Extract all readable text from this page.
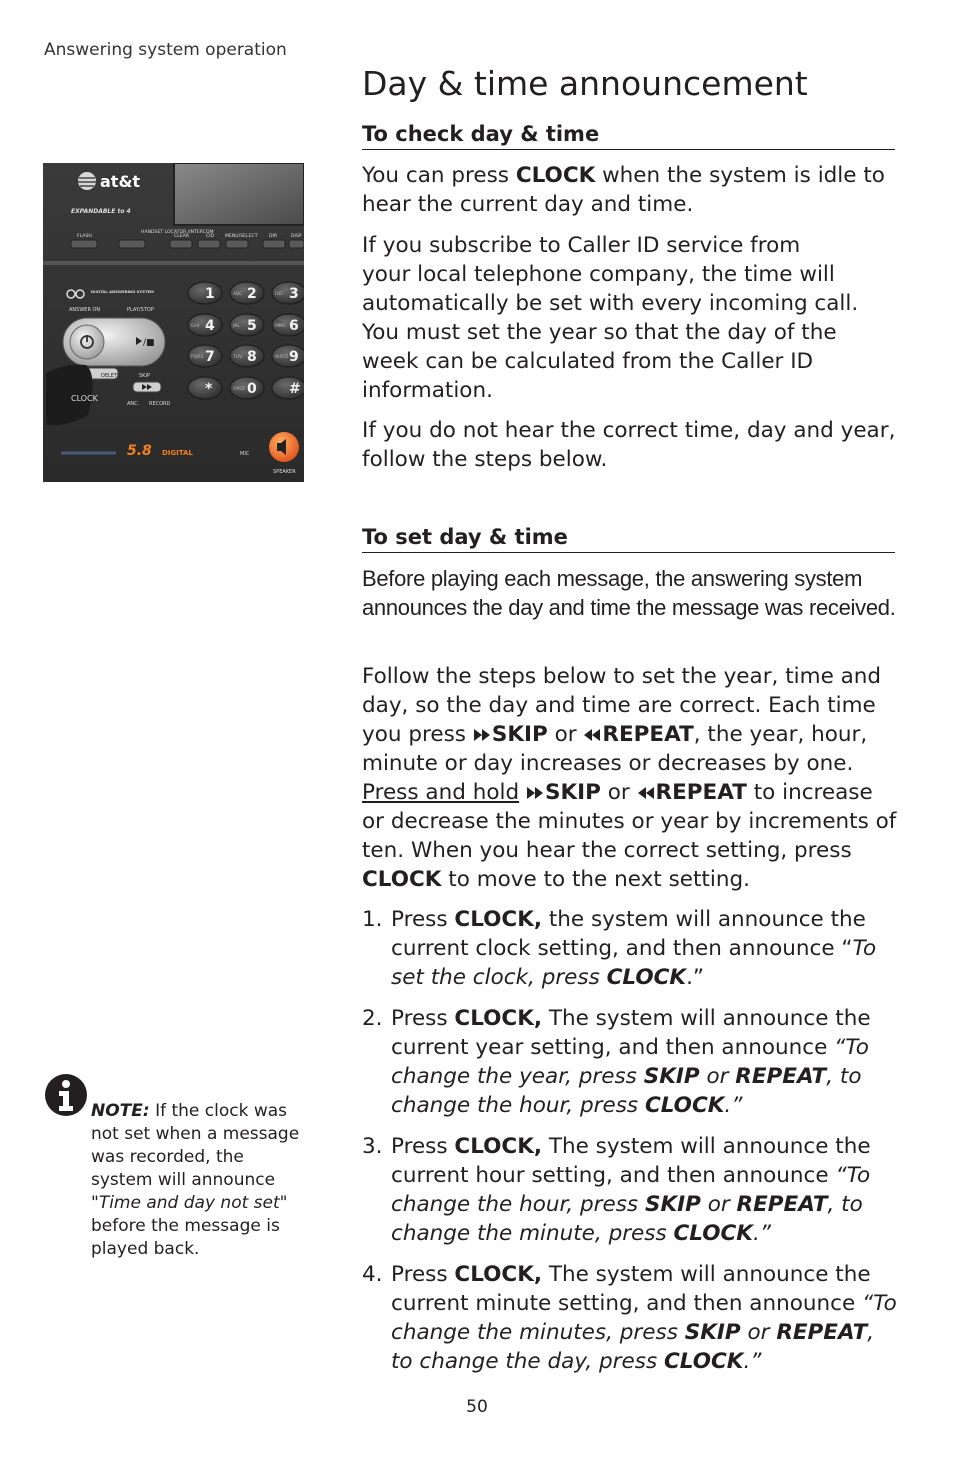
Answering system operation
Day & time announcement
at&t
EXPANDABLE to 4
FLASH
HANDSET LOCATOR /INTERCOM
CLEAR	CID MENU/SELECT DIR	DISP
DIGITAL ANSWERING SYSTEM
ANSWER ON	PLAY/STOP
/■
DELETE	SKIP
CLOCK
ANC. RECORD
1	ABC 2	DEF 3
GHI 4	JKL 5	MNO 6
PQRS 7	TUV 8	WXYZ 9
*	OPER 0 #
5.8 DIGITAL	MIC
SPEAKER
To check day & time

You can press CLOCK when the system is idle to hear the current day and time.

If you subscribe to Caller ID service from
your local telephone company, the time will automatically be set with every incoming call. You must set the year so that the day of the week can be calculated from the Caller ID information.

If you do not hear the correct time, day and year, follow the steps below.

To set day & time

Before playing each message, the answering system announces the day and time the message was received.

Follow the steps below to set the year, time and day, so the day and time are correct. Each time you press SKIP or REPEAT, the year, hour, minute or day increases or decreases by one. Press and hold SKIP or REPEAT to increase or decrease the minutes or year by increments of ten. When you hear the correct setting, press CLOCK to move to the next setting.

1. Press CLOCK, the system will announce the current clock setting, and then announce “To set the clock, press CLOCK.”
2. Press CLOCK, The system will announce the current year setting, and then announce “To change the year, press SKIP or REPEAT, to change the hour, press CLOCK.”
3. Press CLOCK, The system will announce the current hour setting, and then announce “To change the hour, press SKIP or REPEAT, to change the minute, press CLOCK.”
4. Press CLOCK, The system will announce the current minute setting, and then announce “To change the minutes, press SKIP or REPEAT, to change the day, press CLOCK.”
NOTE: If the clock was not set when a message was recorded, the system will announce "Time and day not set" before the message is played back.
50
